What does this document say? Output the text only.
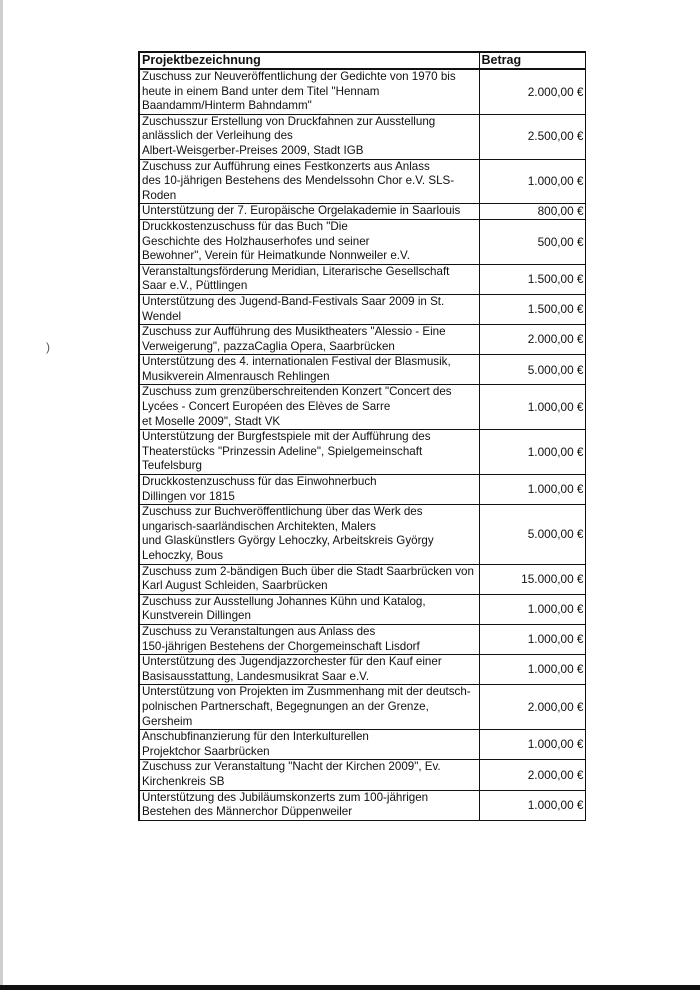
)
Projektbezeichnung	Betrag

Zuschuss zur Neuveröffentlichung der Gedichte von 1970 bis
heute in einem Band unter dem Titel "Hennam
Baandamm/Hinterm Bahndamm"	2.000,00 €

Zuschusszur Erstellung von Druckfahnen zur Ausstellung
anlässlich der Verleihung des
Albert-Weisgerber-Preises 2009, Stadt IGB	2.500,00 €

Zuschuss zur Aufführung eines Festkonzerts aus Anlass
des 10-jährigen Bestehens des Mendelssohn Chor e.V. SLS-
Roden	1.000,00 €

Unterstützung der 7. Europäische Orgelakademie in Saarlouis	800,00 €

Druckkostenzuschuss für das Buch "Die
Geschichte des Holzhauserhofes und seiner
Bewohner", Verein für Heimatkunde Nonnweiler e.V.	500,00 €

Veranstaltungsförderung Meridian, Literarische Gesellschaft
Saar e.V., Püttlingen	1.500,00 €

Unterstützung des Jugend-Band-Festivals Saar 2009 in St.
Wendel	1.500,00 €

Zuschuss zur Aufführung des Musiktheaters "Alessio - Eine
Verweigerung", pazzaCaglia Opera, Saarbrücken	2.000,00 €

Unterstützung des 4. internationalen Festival der Blasmusik,
Musikverein Almenrausch Rehlingen	5.000,00 €

Zuschuss zum grenzüberschreitenden Konzert "Concert des
Lycées - Concert Européen des Elèves de Sarre
et Moselle 2009", Stadt VK	1.000,00 €

Unterstützung der Burgfestspiele mit der Aufführung des
Theaterstücks "Prinzessin Adeline", Spielgemeinschaft
Teufelsburg	1.000,00 €

Druckkostenzuschuss für das Einwohnerbuch
Dillingen vor 1815	1.000,00 €

Zuschuss zur Buchveröffentlichung über das Werk des
ungarisch-saarländischen Architekten, Malers
und Glaskünstlers György Lehoczky, Arbeitskreis György
Lehoczky, Bous	5.000,00 €

Zuschuss zum 2-bändigen Buch über die Stadt Saarbrücken von
Karl August Schleiden, Saarbrücken	15.000,00 €

Zuschuss zur Ausstellung Johannes Kühn und Katalog,
Kunstverein Dillingen	1.000,00 €

Zuschuss zu Veranstaltungen aus Anlass des
150-jährigen Bestehens der Chorgemeinschaft Lisdorf	1.000,00 €

Unterstützung des Jugendjazzorchester für den Kauf einer
Basisausstattung, Landesmusikrat Saar e.V.	1.000,00 €

Unterstützung von Projekten im Zusmmenhang mit der deutsch-
polnischen Partnerschaft, Begegnungen an der Grenze,
Gersheim	2.000,00 €

Anschubfinanzierung für den Interkulturellen
Projektchor Saarbrücken	1.000,00 €

Zuschuss zur Veranstaltung "Nacht der Kirchen 2009", Ev.
Kirchenkreis SB	2.000,00 €

Unterstützung des Jubiläumskonzerts zum 100-jährigen
Bestehen des Männerchor Düppenweiler	1.000,00 €
